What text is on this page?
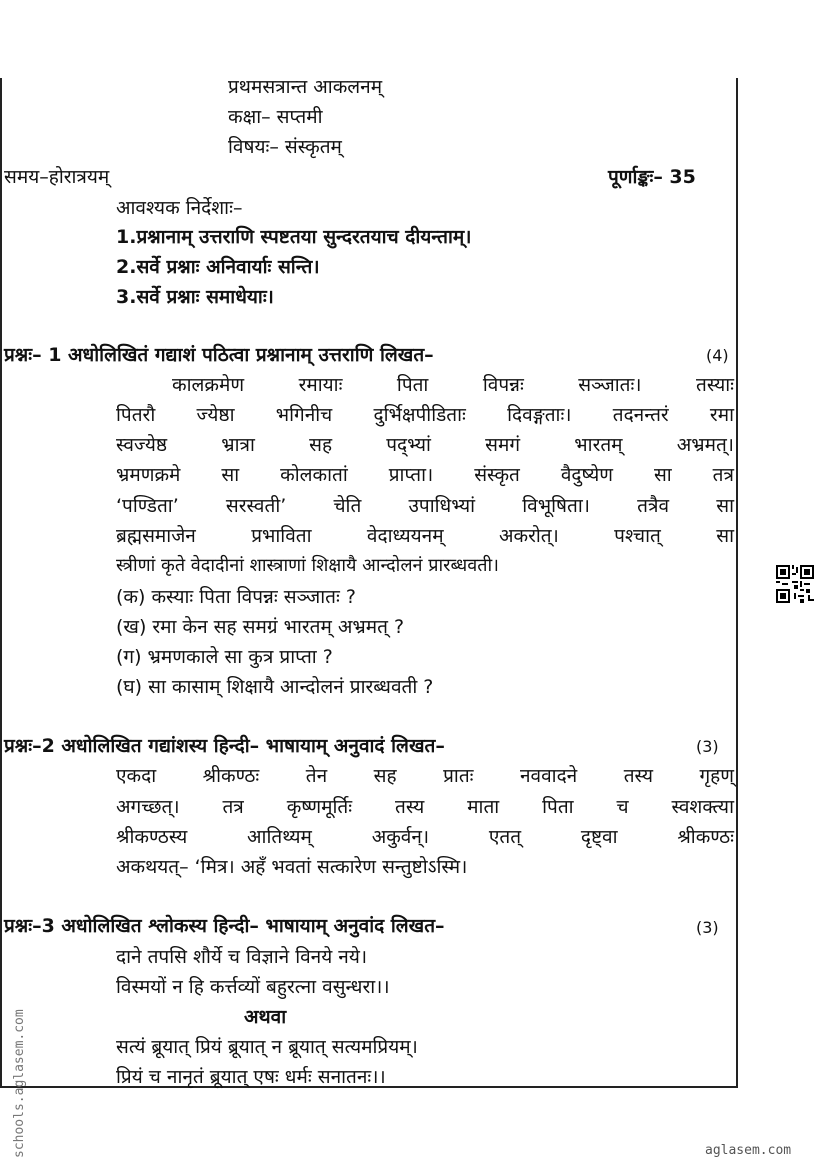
प्रथमसत्रान्त आकलनम्
कक्षा– सप्तमी
विषयः– संस्कृतम्
समय–होरात्रयम्	पूर्णाङ्कः– 35
आवश्यक निर्देशाः–
1.प्रश्नानाम् उत्तराणि स्पष्टतया सुन्दरतयाच दीयन्ताम्।
2.सर्वे प्रश्नाः अनिवार्याः सन्ति।
3.सर्वे प्रश्नाः समाधेयाः।
प्रश्नः– 1 अधोलिखितं गद्याशं पठित्वा प्रश्नानाम् उत्तराणि लिखत–	(4)
कालक्रमेण रमायाः पिता विपन्नः सञ्जातः। तस्याः
पितरौ ज्येष्ठा भगिनीच दुर्भिक्षपीडिताः दिवङ्गताः। तदनन्तरं रमा
स्वज्येष्ठ भ्रात्रा सह पद्भ्यां समगं भारतम् अभ्रमत्।
भ्रमणक्रमे सा कोलकातां प्राप्ता। संस्कृत वैदुष्येण सा तत्र
‘पण्डिता’ सरस्वती’ चेति उपाधिभ्यां विभूषिता। तत्रैव सा
ब्रह्मसमाजेन प्रभाविता वेदाध्ययनम् अकरोत्। पश्चात् सा
स्त्रीणां कृते वेदादीनां शास्त्राणां शिक्षायै आन्दोलनं प्रारब्धवती।
(क) कस्याः पिता विपन्नः सञ्जातः ?
(ख) रमा केन सह समग्रं भारतम् अभ्रमत् ?
(ग) भ्रमणकाले सा कुत्र प्राप्ता ?
(घ) सा कासाम् शिक्षायै आन्दोलनं प्रारब्धवती ?
प्रश्नः–2 अधोलिखित गद्यांशस्य हिन्दी– भाषायाम् अनुवादं लिखत–	(3)
एकदा श्रीकण्ठः तेन सह प्रातः नववादने तस्य गृहण्
अगच्छत्। तत्र कृष्णमूर्तिः तस्य माता पिता च स्वशक्त्या
श्रीकण्ठस्य आतिथ्यम् अकुर्वन्। एतत् दृष्ट्वा श्रीकण्ठः
अकथयत्– ‘मित्र। अहँ भवतां सत्कारेण सन्तुष्टोऽस्मि।
प्रश्नः–3 अधोलिखित श्लोकस्य हिन्दी– भाषायाम् अनुवांद लिखत–	(3)
दाने तपसि शौर्ये च विज्ञाने विनये नये।
विस्मयों न हि कर्त्तव्यों बहुरत्ना वसुन्धरा।।
अथवा
सत्यं ब्रूयात् प्रियं ब्रूयात् न ब्रूयात् सत्यमप्रियम्।
प्रियं च नानृतं ब्रूयात् एषः धर्मः सनातनः।।
schools.aglasem.com	aglasem.com
